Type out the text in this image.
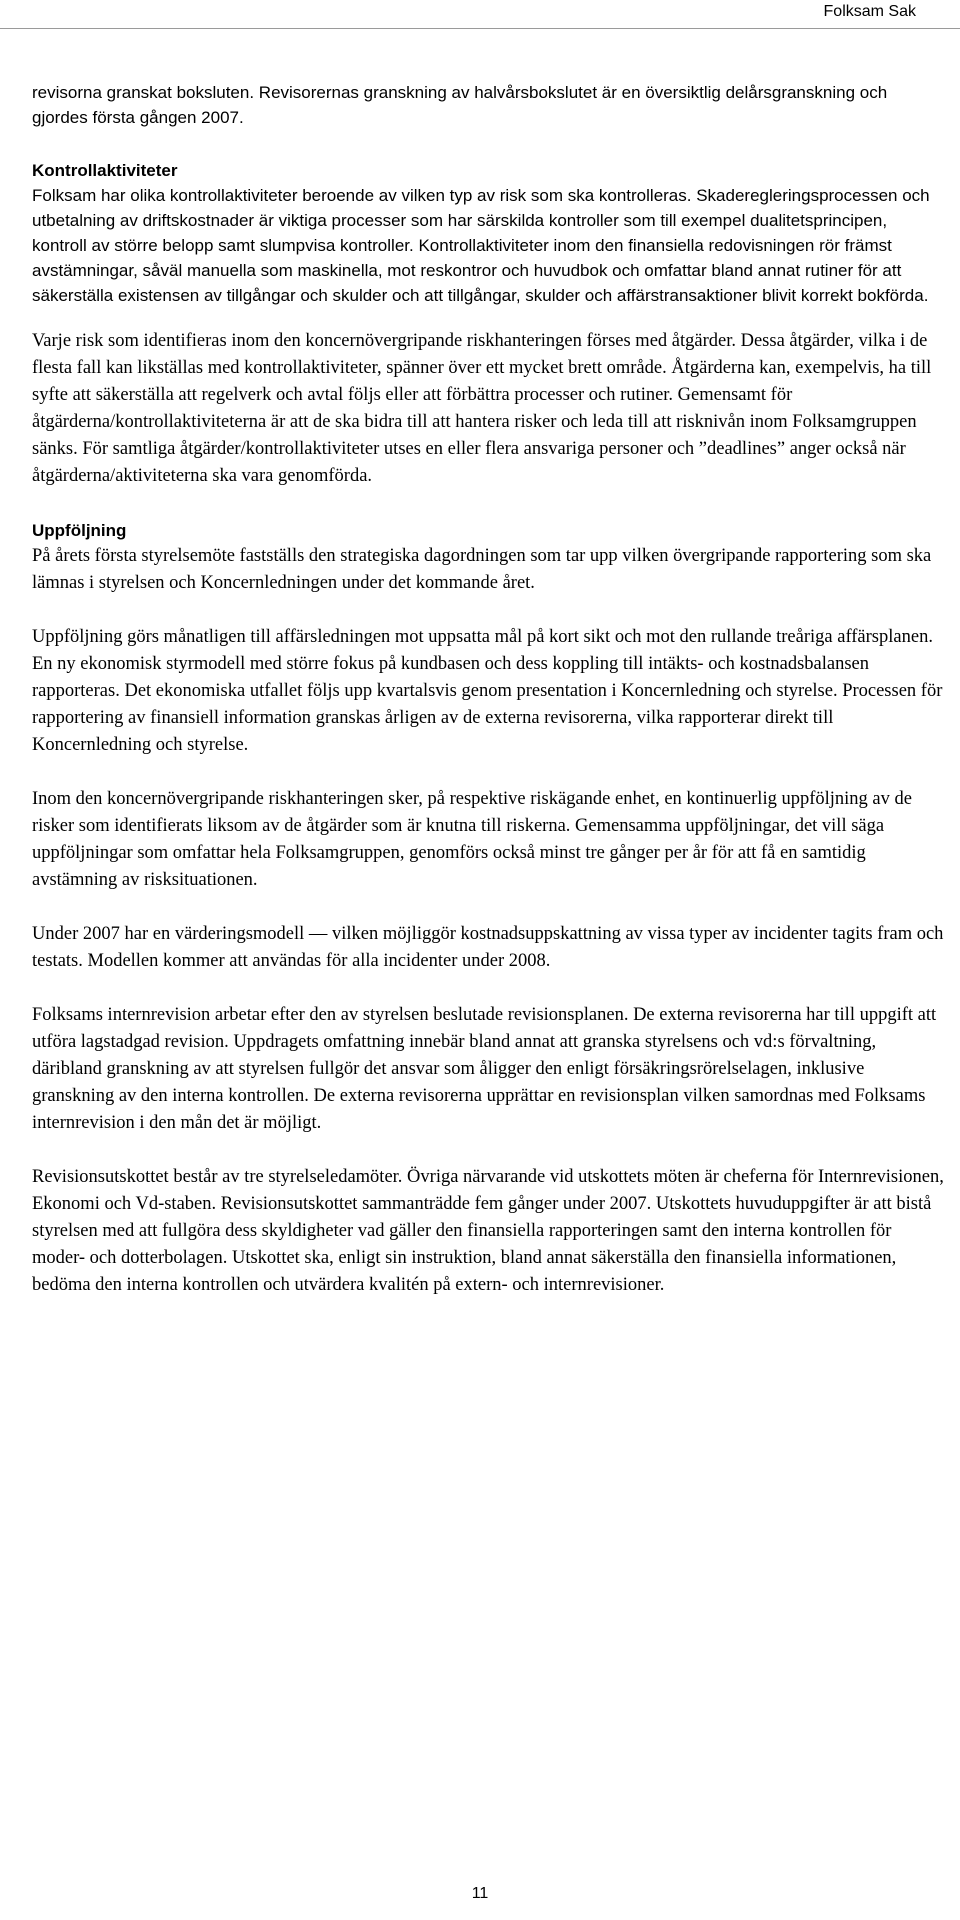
Folksam Sak

revisorna granskat boksluten. Revisorernas granskning av halvårsbokslutet är en översiktlig delårsgranskning och gjordes första gången 2007.

Kontrollaktiviteter

Folksam har olika kontrollaktiviteter beroende av vilken typ av risk som ska kontrolleras. Skaderegleringsprocessen och utbetalning av driftskostnader är viktiga processer som har särskilda kontroller som till exempel dualitetsprincipen, kontroll av större belopp samt slumpvisa kontroller. Kontrollaktiviteter inom den finansiella redovisningen rör främst avstämningar, såväl manuella som maskinella, mot reskontror och huvudbok och omfattar bland annat rutiner för att säkerställa existensen av tillgångar och skulder och att tillgångar, skulder och affärstransaktioner blivit korrekt bokförda.

Varje risk som identifieras inom den koncernövergripande riskhanteringen förses med åtgärder. Dessa åtgärder, vilka i de flesta fall kan likställas med kontrollaktiviteter, spänner över ett mycket brett område. Åtgärderna kan, exempelvis, ha till syfte att säkerställa att regelverk och avtal följs eller att förbättra processer och rutiner. Gemensamt för åtgärderna/kontrollaktiviteterna är att de ska bidra till att hantera risker och leda till att risknivån inom Folksamgruppen sänks. För samtliga åtgärder/kontrollaktiviteter utses en eller flera ansvariga personer och ”deadlines” anger också när åtgärderna/aktiviteterna ska vara genomförda.

Uppföljning

På årets första styrelsemöte fastställs den strategiska dagordningen som tar upp vilken övergripande rapportering som ska lämnas i styrelsen och Koncernledningen under det kommande året.

Uppföljning görs månatligen till affärsledningen mot uppsatta mål på kort sikt och mot den rullande treåriga affärsplanen. En ny ekonomisk styrmodell med större fokus på kundbasen och dess koppling till intäkts- och kostnadsbalansen rapporteras. Det ekonomiska utfallet följs upp kvartalsvis genom presentation i Koncernledning och styrelse. Processen för rapportering av finansiell information granskas årligen av de externa revisorerna, vilka rapporterar direkt till Koncernledning och styrelse.

Inom den koncernövergripande riskhanteringen sker, på respektive riskägande enhet, en kontinuerlig uppföljning av de risker som identifierats liksom av de åtgärder som är knutna till riskerna. Gemensamma uppföljningar, det vill säga uppföljningar som omfattar hela Folksamgruppen, genomförs också minst tre gånger per år för att få en samtidig avstämning av risksituationen.

Under 2007 har en värderingsmodell — vilken möjliggör kostnadsuppskattning av vissa typer av incidenter tagits fram och testats. Modellen kommer att användas för alla incidenter under 2008.

Folksams internrevision arbetar efter den av styrelsen beslutade revisionsplanen. De externa revisorerna har till uppgift att utföra lagstadgad revision. Uppdragets omfattning innebär bland annat att granska styrelsens och vd:s förvaltning, däribland granskning av att styrelsen fullgör det ansvar som åligger den enligt försäkringsrörelselagen, inklusive granskning av den interna kontrollen. De externa revisorerna upprättar en revisionsplan vilken samordnas med Folksams internrevision i den mån det är möjligt.

Revisionsutskottet består av tre styrelseledamöter. Övriga närvarande vid utskottets möten är cheferna för Internrevisionen, Ekonomi och Vd-staben. Revisionsutskottet sammanträdde fem gånger under 2007. Utskottets huvuduppgifter är att bistå styrelsen med att fullgöra dess skyldigheter vad gäller den finansiella rapporteringen samt den interna kontrollen för moder- och dotterbolagen. Utskottet ska, enligt sin instruktion, bland annat säkerställa den finansiella informationen, bedöma den interna kontrollen och utvärdera kvalitén på extern- och internrevisioner.

11
